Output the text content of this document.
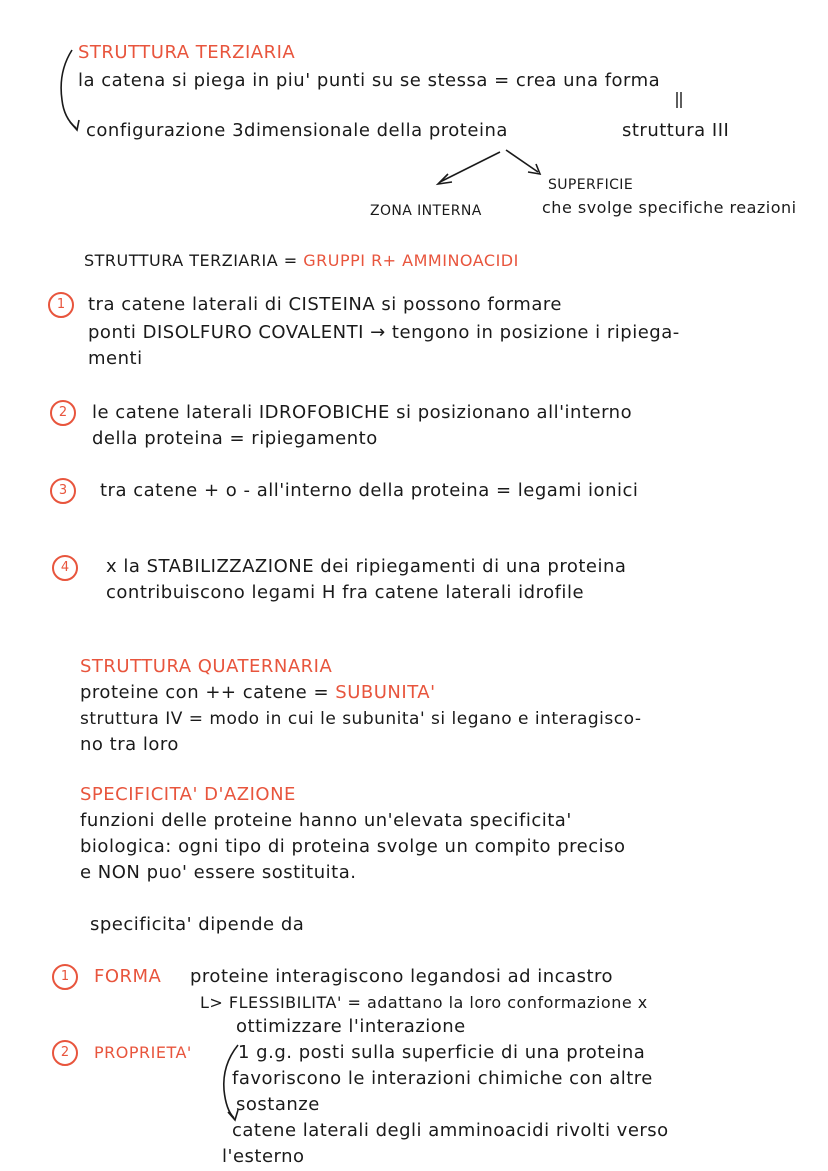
STRUTTURA TERZIARIA
la catena si piega in piu' punti su se stessa = crea una forma
configurazione 3dimensionale della proteina	struttura III
SUPERFICIE
ZONA INTERNA	che svolge specifiche reazioni
STRUTTURA TERZIARIA = GRUPPI R+ AMMINOACIDI
1	tra catene laterali di CISTEINA si possono formare
ponti DISOLFURO COVALENTI → tengono in posizione i ripiega-
menti
2	le catene laterali IDROFOBICHE si posizionano all'interno
della proteina = ripiegamento
3	tra catene + o - all'interno della proteina = legami ionici
4	x la STABILIZZAZIONE dei ripiegamenti di una proteina
contribuiscono legami H fra catene laterali idrofile
STRUTTURA QUATERNARIA
proteine con ++ catene = SUBUNITA'
struttura IV = modo in cui le subunita' si legano e interagisco-
no tra loro
SPECIFICITA' D'AZIONE
funzioni delle proteine hanno un'elevata specificita'
biologica: ogni tipo di proteina svolge un compito preciso
e NON puo' essere sostituita.
specificita' dipende da
1	FORMA proteine interagiscono legandosi ad incastro
L> FLESSIBILITA' = adattano la loro conformazione x
ottimizzare l'interazione
2	PROPRIETA'	1 g.g. posti sulla superficie di una proteina
favoriscono le interazioni chimiche con altre
sostanze
catene laterali degli amminoacidi rivolti verso
l'esterno
